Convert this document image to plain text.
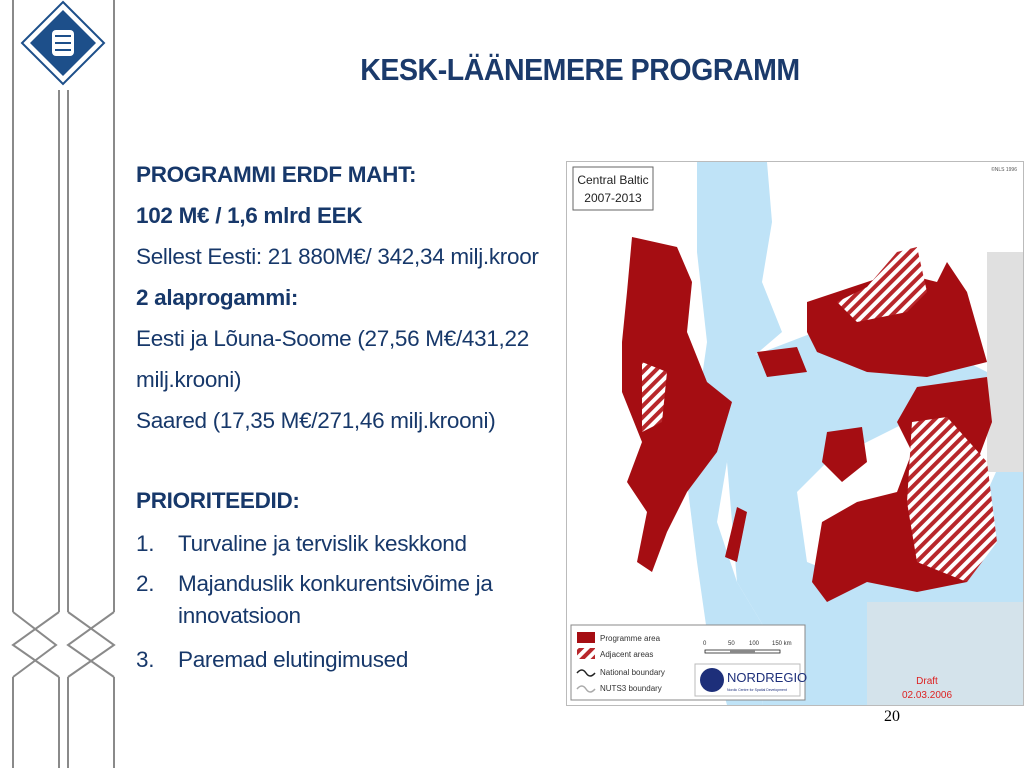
KESK-LÄÄNEMERE PROGRAMM
PROGRAMMI ERDF MAHT:
102 M€ / 1,6 mlrd EEK
Sellest Eesti: 21 880M€/ 342,34 milj.kroor
2 alaprogammi:
Eesti ja Lõuna-Soome (27,56 M€/431,22
milj.krooni)
Saared (17,35 M€/271,46 milj.krooni)
PRIORITEEDID:
1. Turvaline ja tervislik keskkond
2. Majanduslik konkurentsivõime ja
innovatsioon
3. Paremad elutingimused
Central Baltic
2007-2013
©NLS 1996
Programme area
Adjacent areas
National boundary
NUTS3 boundary
0	50 100 150 km
NORDREGIO
Nordic Centre for Spatial Development
Draft
02.03.2006
20
